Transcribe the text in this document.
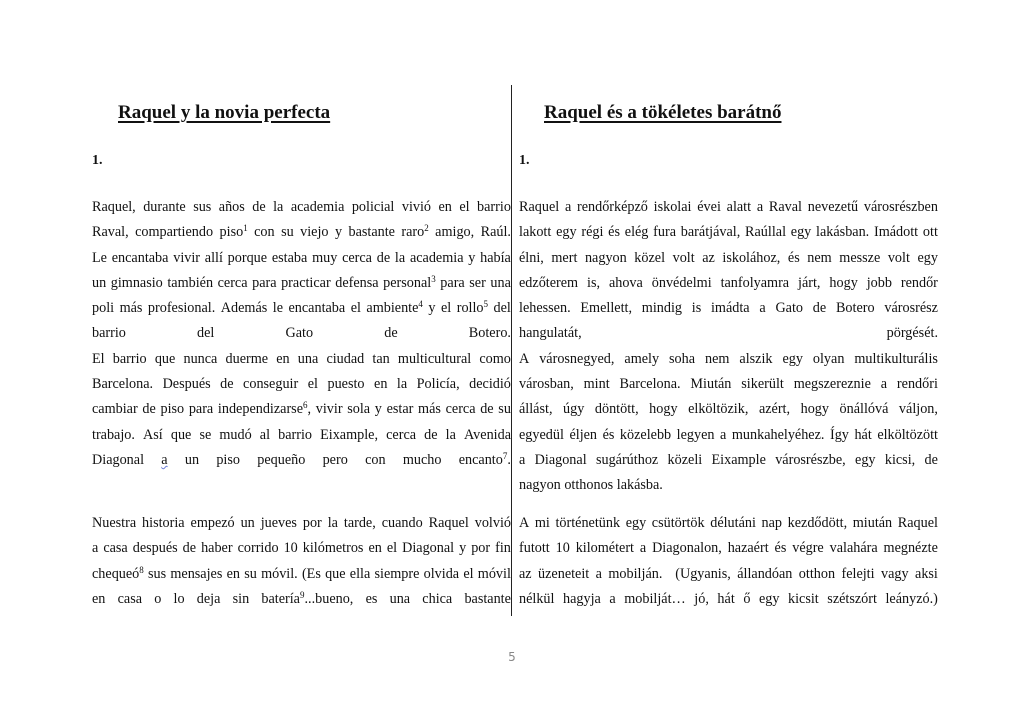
Raquel y la novia perfecta

1.

Raquel, durante sus años de la academia policial vivió en el barrio
Raval, compartiendo piso$^1$ con su viejo y bastante raro$^2$ amigo, Raúl.
Le encantaba vivir allí porque estaba muy cerca de la academia y había
un gimnasio también cerca para practicar defensa personal$^3$ para ser una
poli más profesional. Además le encantaba el ambiente$^4$ y el rollo$^5$ del
barrio	del	Gato	de	Botero.
El barrio que nunca duerme en una ciudad tan multicultural como
Barcelona. Después de conseguir el puesto en la Policía, decidió
cambiar de piso para independizarse$^6$, vivir sola y estar más cerca de su
trabajo. Así que se mudó al barrio Eixample, cerca de la Avenida
Diagonal a un piso pequeño pero con mucho encanto$^7$.
Nuestra historia empezó un jueves por la tarde, cuando Raquel volvió
a casa después de haber corrido 10 kilómetros en el Diagonal y por fin
chequeó$^8$ sus mensajes en su móvil. (Es que ella siempre olvida el móvil
en casa o lo deja sin batería$^9$...bueno, es una chica bastante
Raquel és a tökéletes barátnő

1.

Raquel a rendőrképző iskolai évei alatt a Raval nevezetű városrészben
lakott egy régi és elég fura barátjával, Raúllal egy lakásban. Imádott ott
élni, mert nagyon közel volt az iskolához, és nem messze volt egy
edzőterem is, ahova önvédelmi tanfolyamra járt, hogy jobb rendőr
lehessen. Emellett, mindig is imádta a Gato de Botero városrész
hangulatát,	pörgését.
A városnegyed, amely soha nem alszik egy olyan multikulturális
városban, mint Barcelona. Miután sikerült megszereznie a rendőri
állást, úgy döntött, hogy elköltözik, azért, hogy önállóvá váljon,
egyedül éljen és közelebb legyen a munkahelyéhez. Így hát elköltözött
a Diagonal sugárúthoz közeli Eixample városrészbe, egy kicsi, de
nagyon otthonos lakásba.
A mi történetünk egy csütörtök délutáni nap kezdődött, miután Raquel
futott 10 kilométert a Diagonalon, hazaért és végre valahára megnézte
az üzeneteit a mobilján. (Ugyanis, állandóan otthon felejti vagy aksi
nélkül hagyja a mobilját… jó, hát ő egy kicsit szétszórt leányzó.)
5
